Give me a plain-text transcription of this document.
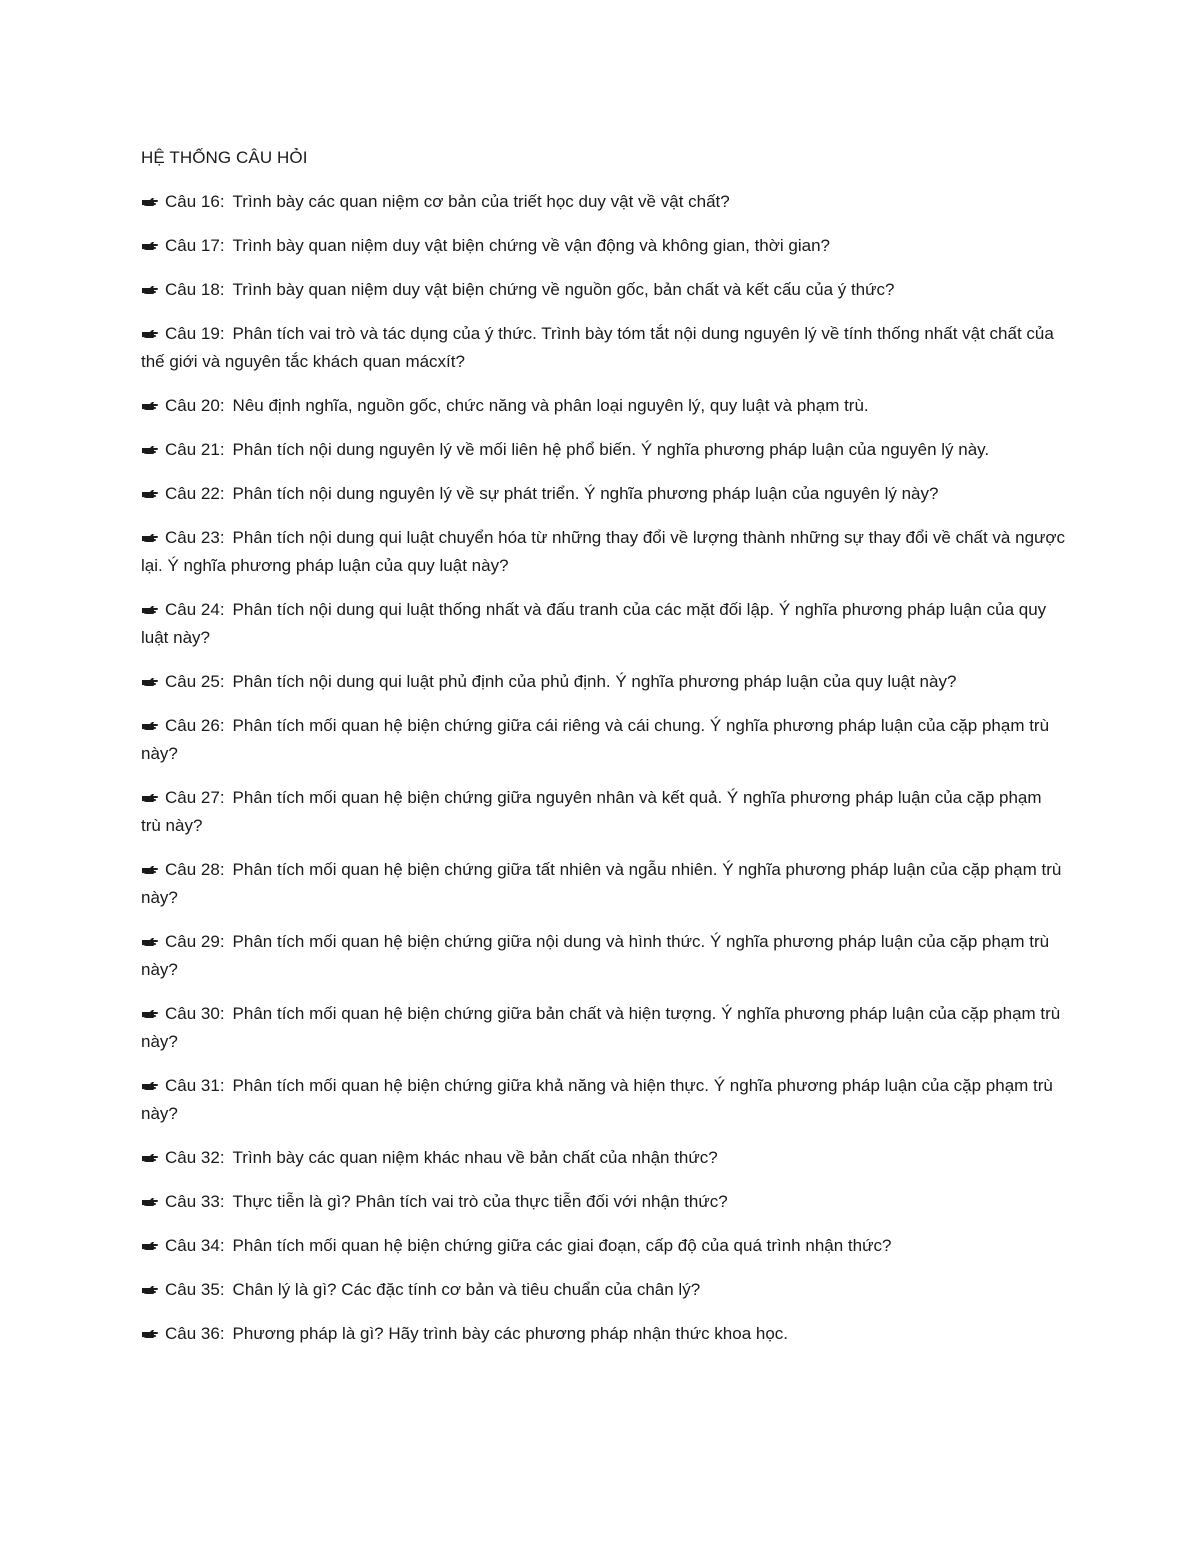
HỆ THỐNG CÂU HỎI
Câu 16: Trình bày các quan niệm cơ bản của triết học duy vật về vật chất?
Câu 17: Trình bày quan niệm duy vật biện chứng về vận động và không gian, thời gian?
Câu 18: Trình bày quan niệm duy vật biện chứng về nguồn gốc, bản chất và kết cấu của ý thức?
Câu 19: Phân tích vai trò và tác dụng của ý thức. Trình bày tóm tắt nội dung nguyên lý về tính thống nhất vật chất của thế giới và nguyên tắc khách quan mácxít?
Câu 20: Nêu định nghĩa, nguồn gốc, chức năng và phân loại nguyên lý, quy luật và phạm trù.
Câu 21: Phân tích nội dung nguyên lý về mối liên hệ phổ biến. Ý nghĩa phương pháp luận của nguyên lý này.
Câu 22: Phân tích nội dung nguyên lý về sự phát triển. Ý nghĩa phương pháp luận của nguyên lý này?
Câu 23: Phân tích nội dung qui luật chuyển hóa từ những thay đổi về lượng thành những sự thay đổi về chất và ngược lại. Ý nghĩa phương pháp luận của quy luật này?
Câu 24: Phân tích nội dung qui luật thống nhất và đấu tranh của các mặt đối lập. Ý nghĩa phương pháp luận của quy luật này?
Câu 25: Phân tích nội dung qui luật phủ định của phủ định. Ý nghĩa phương pháp luận của quy luật này?
Câu 26: Phân tích mối quan hệ biện chứng giữa cái riêng và cái chung. Ý nghĩa phương pháp luận của cặp phạm trù này?
Câu 27: Phân tích mối quan hệ biện chứng giữa nguyên nhân và kết quả. Ý nghĩa phương pháp luận của cặp phạm trù này?
Câu 28: Phân tích mối quan hệ biện chứng giữa tất nhiên và ngẫu nhiên. Ý nghĩa phương pháp luận của cặp phạm trù này?
Câu 29: Phân tích mối quan hệ biện chứng giữa nội dung và hình thức. Ý nghĩa phương pháp luận của cặp phạm trù này?
Câu 30: Phân tích mối quan hệ biện chứng giữa bản chất và hiện tượng. Ý nghĩa phương pháp luận của cặp phạm trù này?
Câu 31: Phân tích mối quan hệ biện chứng giữa khả năng và hiện thực. Ý nghĩa phương pháp luận của cặp phạm trù này?
Câu 32: Trình bày các quan niệm khác nhau về bản chất của nhận thức?
Câu 33: Thực tiễn là gì? Phân tích vai trò của thực tiễn đối với nhận thức?
Câu 34: Phân tích mối quan hệ biện chứng giữa các giai đoạn, cấp độ của quá trình nhận thức?
Câu 35: Chân lý là gì? Các đặc tính cơ bản và tiêu chuẩn của chân lý?
Câu 36: Phương pháp là gì? Hãy trình bày các phương pháp nhận thức khoa học.
